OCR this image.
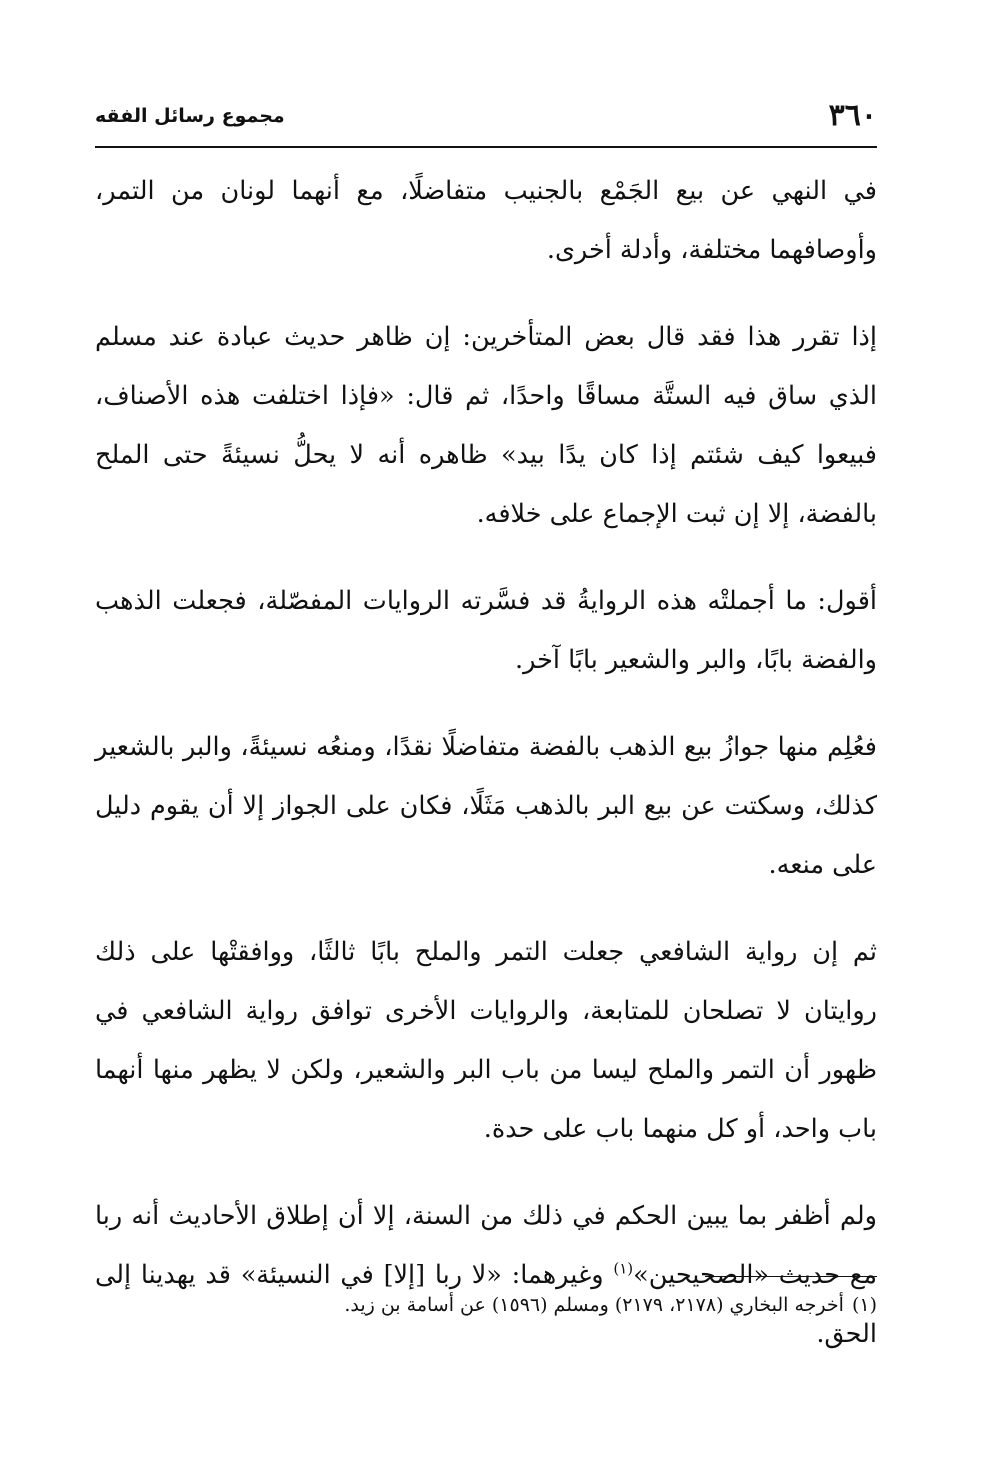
٣٦٠
مجموع رسائل الفقه

في النهي عن بيع الجَمْع بالجنيب متفاضلًا، مع أنهما لونان من التمر، وأوصافهما مختلفة، وأدلة أخرى.

إذا تقرر هذا فقد قال بعض المتأخرين: إن ظاهر حديث عبادة عند مسلم الذي ساق فيه الستَّة مساقًا واحدًا، ثم قال: «فإذا اختلفت هذه الأصناف، فبيعوا كيف شئتم إذا كان يدًا بيد» ظاهره أنه لا يحلُّ نسيئةً حتى الملح بالفضة، إلا إن ثبت الإجماع على خلافه.

أقول: ما أجملتْه هذه الروايةُ قد فسَّرته الروايات المفصّلة، فجعلت الذهب والفضة بابًا، والبر والشعير بابًا آخر.

فعُلِم منها جوازُ بيع الذهب بالفضة متفاضلًا نقدًا، ومنعُه نسيئةً، والبر بالشعير كذلك، وسكتت عن بيع البر بالذهب مَثَلًا، فكان على الجواز إلا أن يقوم دليل على منعه.

ثم إن رواية الشافعي جعلت التمر والملح بابًا ثالثًا، ووافقتْها على ذلك روايتان لا تصلحان للمتابعة، والروايات الأخرى توافق رواية الشافعي في ظهور أن التمر والملح ليسا من باب البر والشعير، ولكن لا يظهر منها أنهما باب واحد، أو كل منهما باب على حدة.

ولم أظفر بما يبين الحكم في ذلك من السنة، إلا أن إطلاق الأحاديث أنه ربا مع حديث «الصحيحين»$^{(١)}$ وغيرهما: «لا ربا [إلا] في النسيئة» قد يهدينا إلى الحق.

(١)أخرجه البخاري (٢١٧٨، ٢١٧٩) ومسلم (١٥٩٦) عن أسامة بن زيد.
